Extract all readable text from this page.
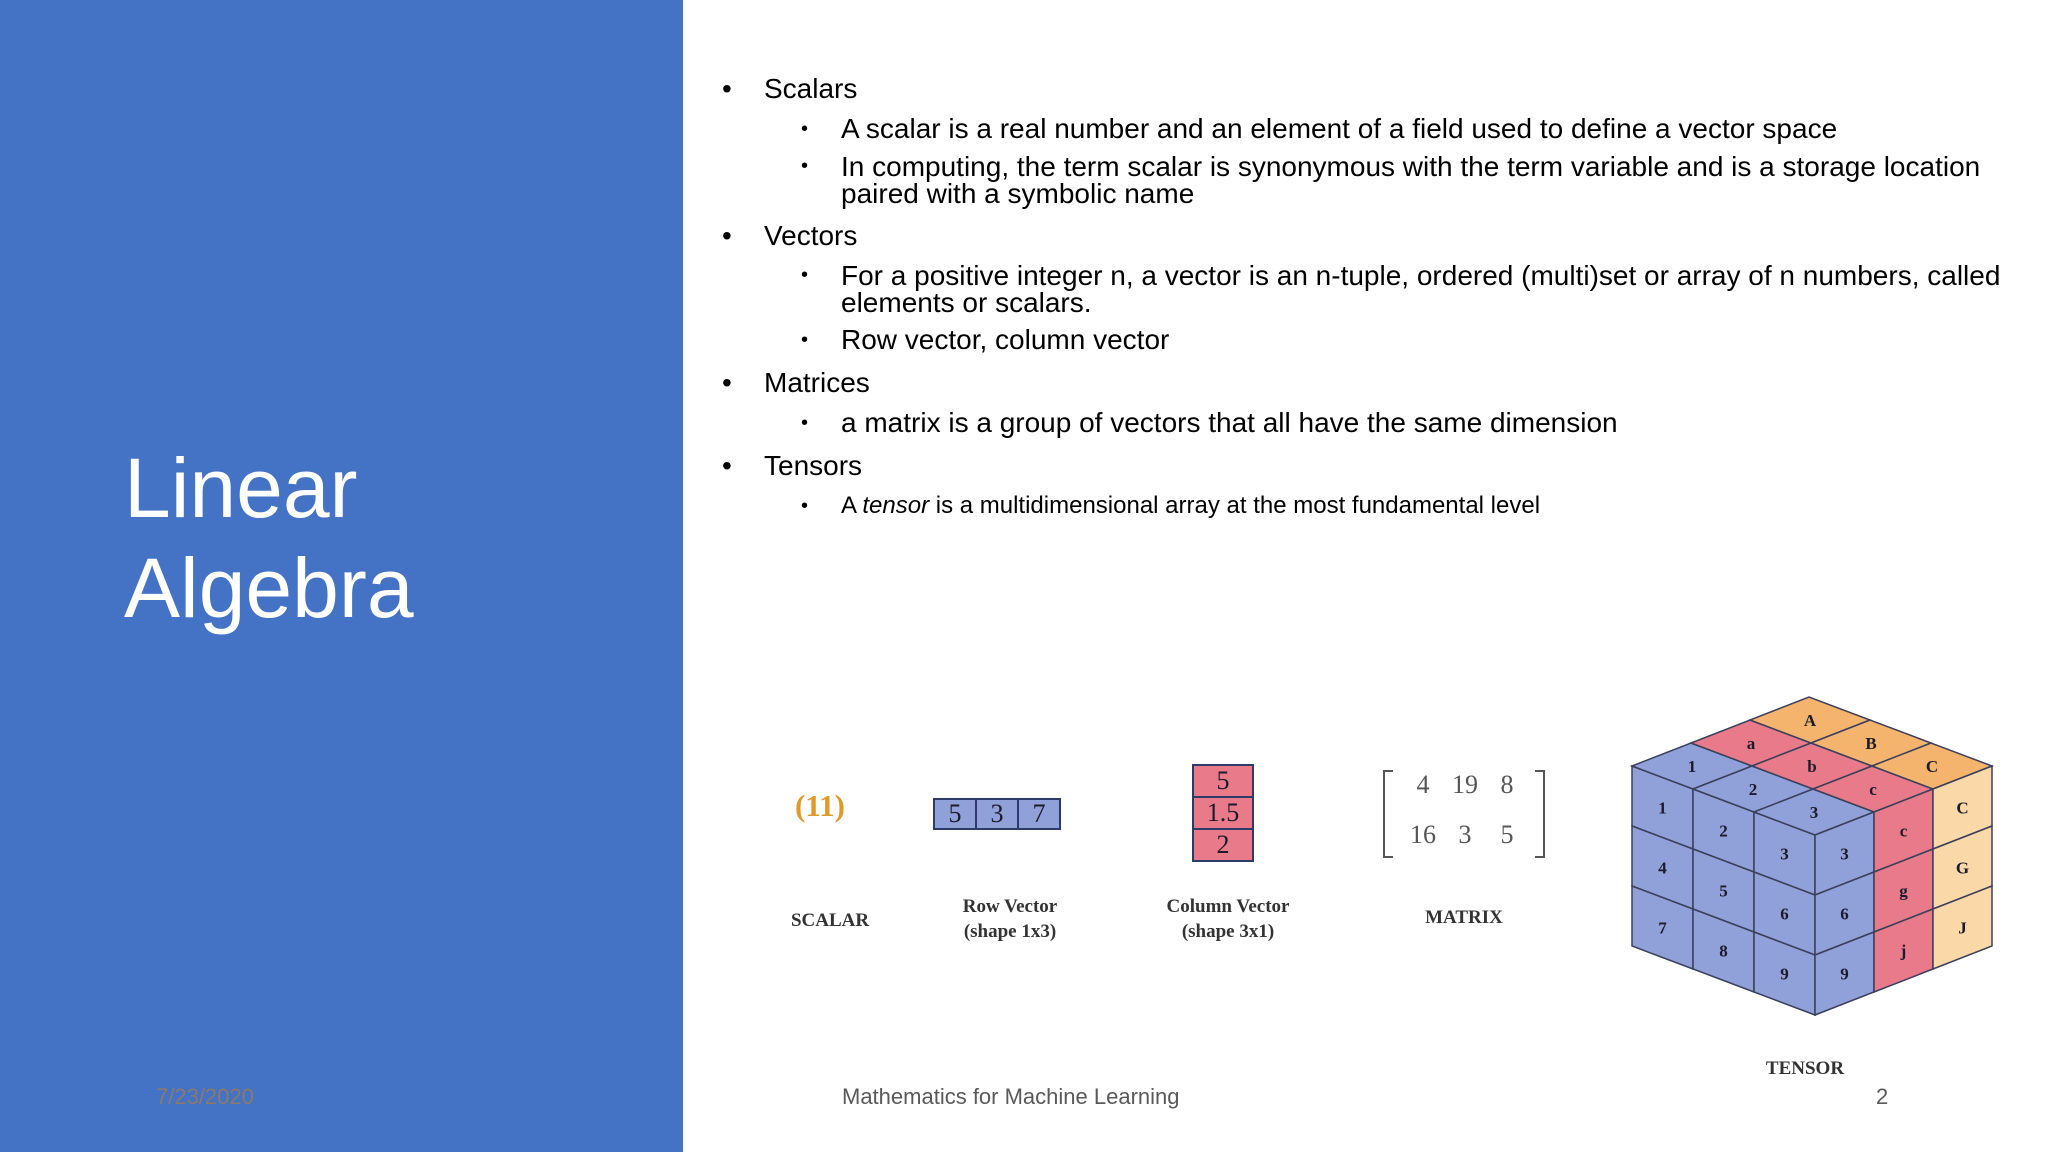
Linear
Algebra
• Scalars
• A scalar is a real number and an element of a field used to define a vector space
• In computing, the term scalar is synonymous with the term variable and is a storage location paired with a symbolic name
• Vectors
• For a positive integer n, a vector is an n-tuple, ordered (multi)set or array of n numbers, called elements or scalars.
• Row vector, column vector
• Matrices
• a matrix is a group of vectors that all have the same dimension
• Tensors
• A tensor is a multidimensional array at the most fundamental level
(11)
SCALAR
5	3	7
Row Vector
(shape 1x3)
5
1.5
2
Column Vector
(shape 3x1)
4 19 8
16 3	5
MATRIX
1
2
3
4
5
6
7
8
9
1
2
3
a
b
c
A
B
C
3
6
9
c
g
j
C
G
J
TENSOR
7/23/2020	Mathematics for Machine Learning	2
